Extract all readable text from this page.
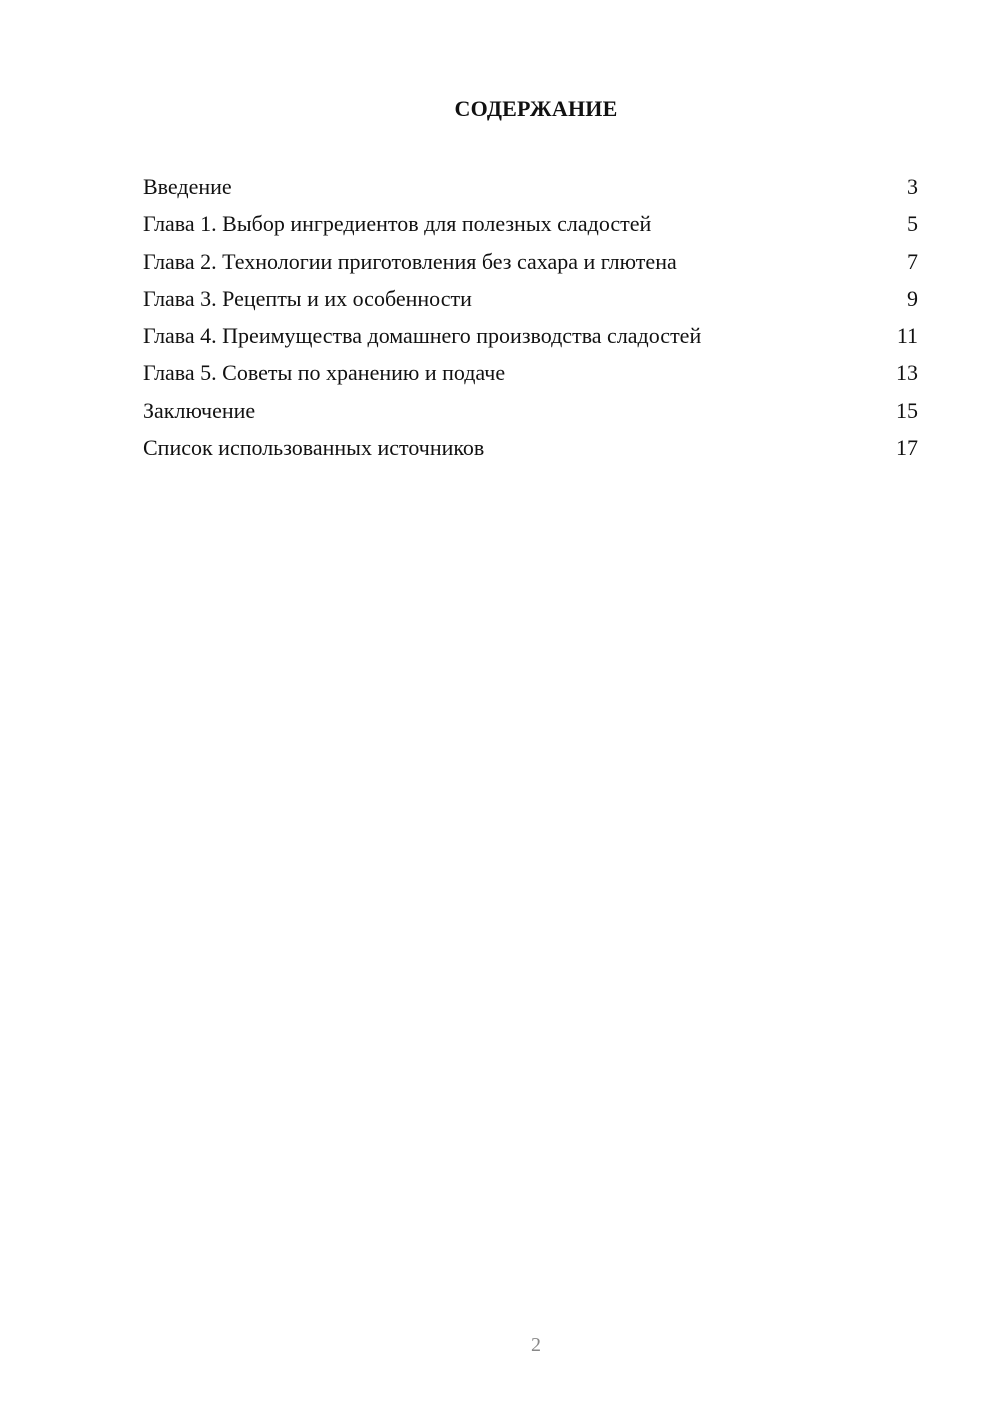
СОДЕРЖАНИЕ
Введение	3
Глава 1. Выбор ингредиентов для полезных сладостей	5
Глава 2. Технологии приготовления без сахара и глютена	7
Глава 3. Рецепты и их особенности	9
Глава 4. Преимущества домашнего производства сладостей	11
Глава 5. Советы по хранению и подаче	13
Заключение	15
Список использованных источников	17
2
